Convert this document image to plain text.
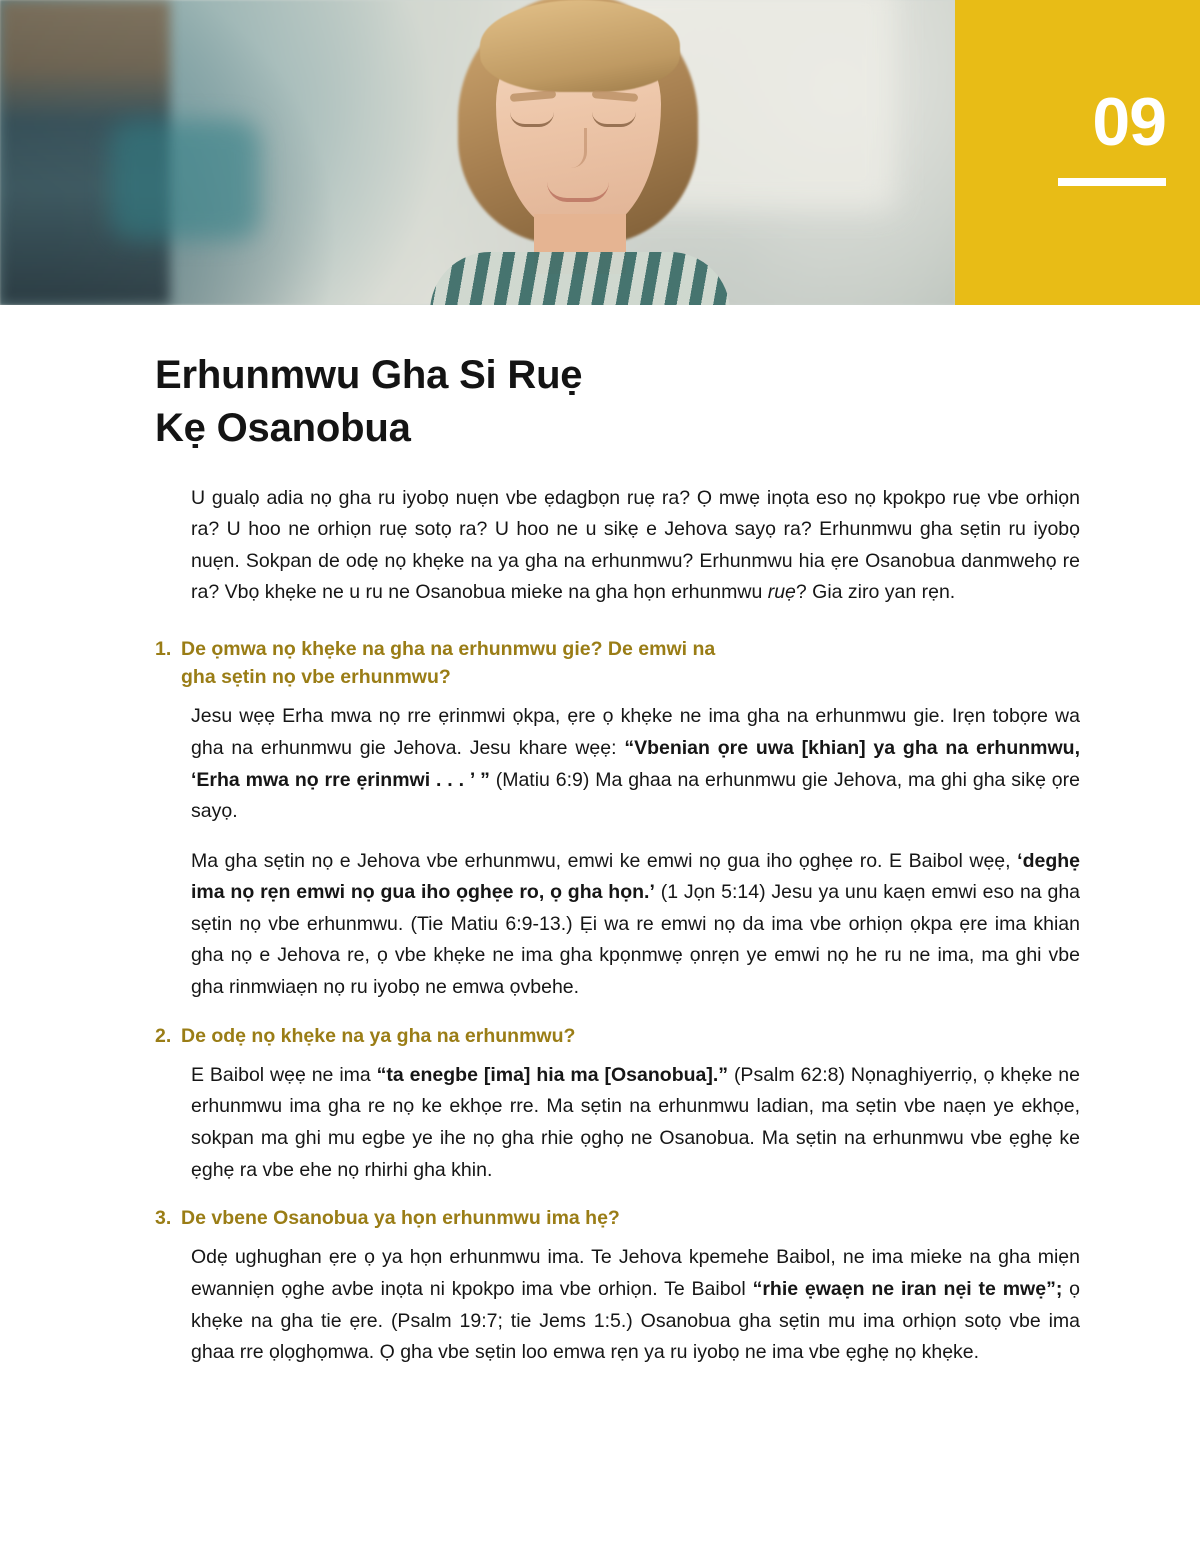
09
Erhunmwu Gha Si Ruẹ
Kẹ Osanobua

U gualọ adia nọ gha ru iyobọ nuẹn vbe ẹdagbọn ruẹ ra? Ọ mwẹ inọta eso nọ kpokpo ruẹ vbe orhiọn ra? U hoo ne orhiọn ruẹ sotọ ra? U hoo ne u sikẹ e Jehova sayọ ra? Erhunmwu gha sẹtin ru iyobọ nuẹn. Sokpan de odẹ nọ khẹke na ya gha na erhunmwu? Erhunmwu hia ẹre Osanobua danmwehọ re ra? Vbọ khẹke ne u ru ne Osanobua mieke na gha họn erhunmwu ruẹ? Gia ziro yan rẹn.

1. De ọmwa nọ khẹke na gha na erhunmwu gie? De emwi na
gha sẹtin nọ vbe erhunmwu?

Jesu wẹẹ Erha mwa nọ rre ẹrinmwi ọkpa, ẹre ọ khẹke ne ima gha na erhunmwu gie. Irẹn tobọre wa gha na erhunmwu gie Jehova. Jesu khare wẹẹ: “Vbenian ọre uwa [khian] ya gha na erhunmwu, ‘Erha mwa nọ rre ẹrinmwi . . . ’ ” (Matiu 6:9) Ma ghaa na erhunmwu gie Jehova, ma ghi gha sikẹ ọre sayọ.

Ma gha sẹtin nọ e Jehova vbe erhunmwu, emwi ke emwi nọ gua iho ọghẹe ro. E Baibol wẹẹ, ‘deghẹ ima nọ rẹn emwi nọ gua iho ọghẹe ro, ọ gha họn.’ (1 Jọn 5:14) Jesu ya unu kaẹn emwi eso na gha sẹtin nọ vbe erhunmwu. (Tie Matiu 6:9-13.) Ẹi wa re emwi nọ da ima vbe orhiọn ọkpa ẹre ima khian gha nọ e Jehova re, ọ vbe khẹke ne ima gha kpọnmwẹ ọnrẹn ye emwi nọ he ru ne ima, ma ghi vbe gha rinmwiaẹn nọ ru iyobọ ne emwa ọvbehe.

2. De odẹ nọ khẹke na ya gha na erhunmwu?

E Baibol wẹẹ ne ima “ta enegbe [ima] hia ma [Osanobua].” (Psalm 62:8) Nọnaghiyerriọ, ọ khẹke ne erhunmwu ima gha re nọ ke ekhọe rre. Ma sẹtin na erhunmwu ladian, ma sẹtin vbe naẹn ye ekhọe, sokpan ma ghi mu egbe ye ihe nọ gha rhie ọghọ ne Osanobua. Ma sẹtin na erhunmwu vbe ẹghẹ ke ẹghẹ ra vbe ehe nọ rhirhi gha khin.

3. De vbene Osanobua ya họn erhunmwu ima hẹ?

Odẹ ughughan ẹre ọ ya họn erhunmwu ima. Te Jehova kpemehe Baibol, ne ima mieke na gha miẹn ewanniẹn ọghe avbe inọta ni kpokpo ima vbe orhiọn. Te Baibol “rhie ẹwaẹn ne iran nẹi te mwẹ”; ọ khẹke na gha tie ẹre. (Psalm 19:7; tie Jems 1:5.) Osanobua gha sẹtin mu ima orhiọn sotọ vbe ima ghaa rre ọlọghọmwa. Ọ gha vbe sẹtin loo emwa rẹn ya ru iyobọ ne ima vbe ẹghẹ nọ khẹke.
